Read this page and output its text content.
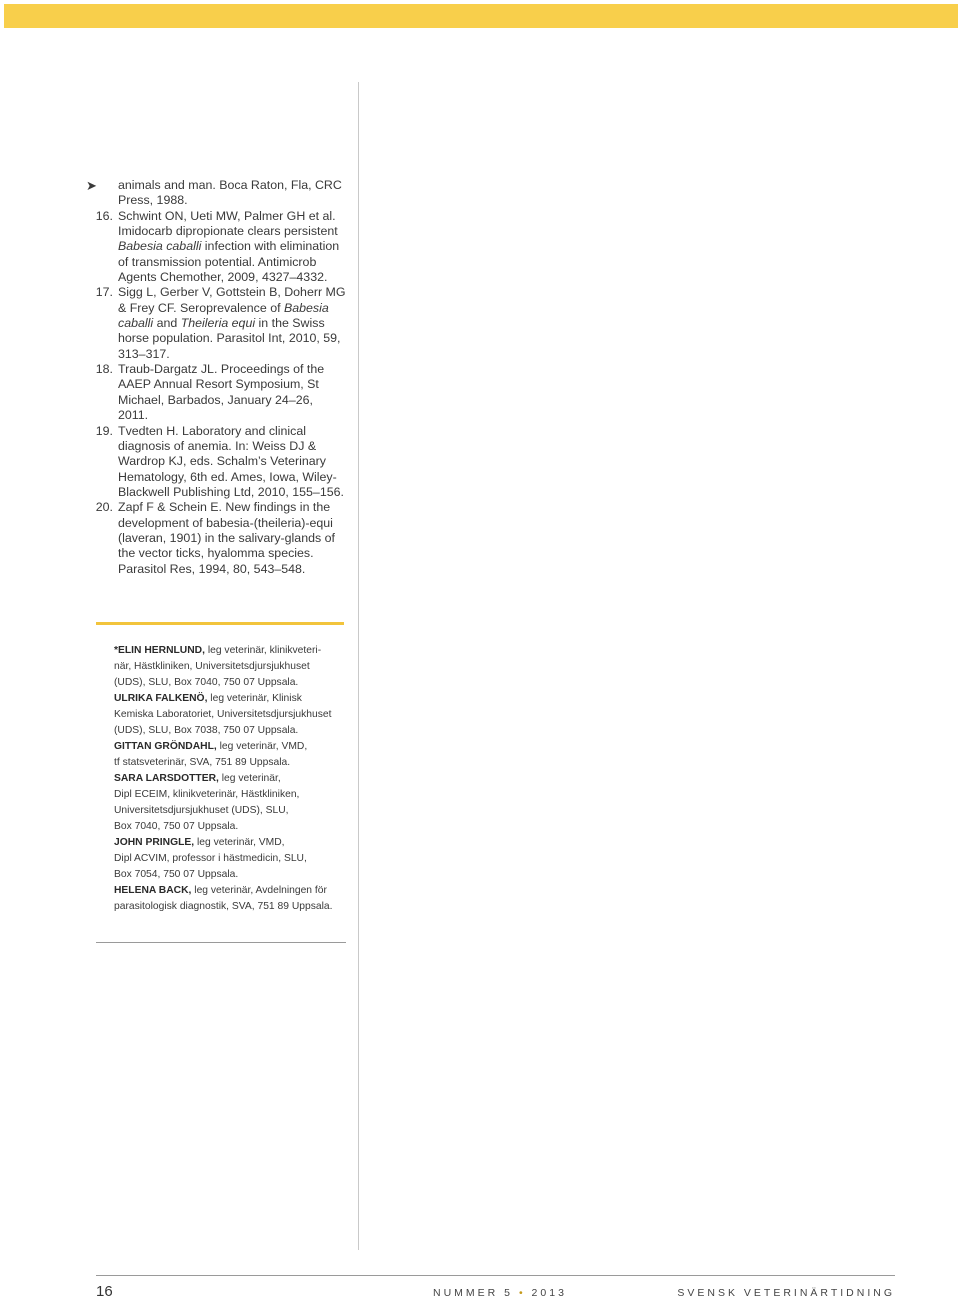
➤ animals and man. Boca Raton, Fla, CRC Press, 1988.
16. Schwint ON, Ueti MW, Palmer GH et al. Imidocarb dipropionate clears persistent Babesia caballi infection with elimination of transmission potential. Antimicrob Agents Chemother, 2009, 4327–4332.
17. Sigg L, Gerber V, Gottstein B, Doherr MG & Frey CF. Seroprevalence of Babesia caballi and Theileria equi in the Swiss horse population. Parasitol Int, 2010, 59, 313–317.
18. Traub-Dargatz JL. Proceedings of the AAEP Annual Resort Symposium, St Michael, Barbados, January 24–26, 2011.
19. Tvedten H. Laboratory and clinical diagnosis of anemia. In: Weiss DJ & Wardrop KJ, eds. Schalm’s Veterinary Hematology, 6th ed. Ames, Iowa, Wiley-Blackwell Publishing Ltd, 2010, 155–156.
20. Zapf F & Schein E. New findings in the development of babesia-(theileria)-equi (laveran, 1901) in the salivary-glands of the vector ticks, hyalomma species. Parasitol Res, 1994, 80, 543–548.

*ELIN HERNLUND, leg veterinär, klinikveteri-
när, Hästkliniken, Universitetsdjursjukhuset
(UDS), SLU, Box 7040, 750 07 Uppsala.

ULRIKA FALKENÖ, leg veterinär, Klinisk
Kemiska Laboratoriet, Universitetsdjursjukhuset
(UDS), SLU, Box 7038, 750 07 Uppsala.

GITTAN GRÖNDAHL, leg veterinär, VMD,
tf statsveterinär, SVA, 751 89 Uppsala.

SARA LARSDOTTER, leg veterinär,
Dipl ECEIM, klinikveterinär, Hästkliniken,
Universitetsdjursjukhuset (UDS), SLU,
Box 7040, 750 07 Uppsala.

JOHN PRINGLE, leg veterinär, VMD,
Dipl ACVIM, professor i hästmedicin, SLU,
Box 7054, 750 07 Uppsala.

HELENA BACK, leg veterinär, Avdelningen för
parasitologisk diagnostik, SVA, 751 89 Uppsala.

16	NUMMER 5 • 2013	SVENSK VETERINÄRTIDNING
